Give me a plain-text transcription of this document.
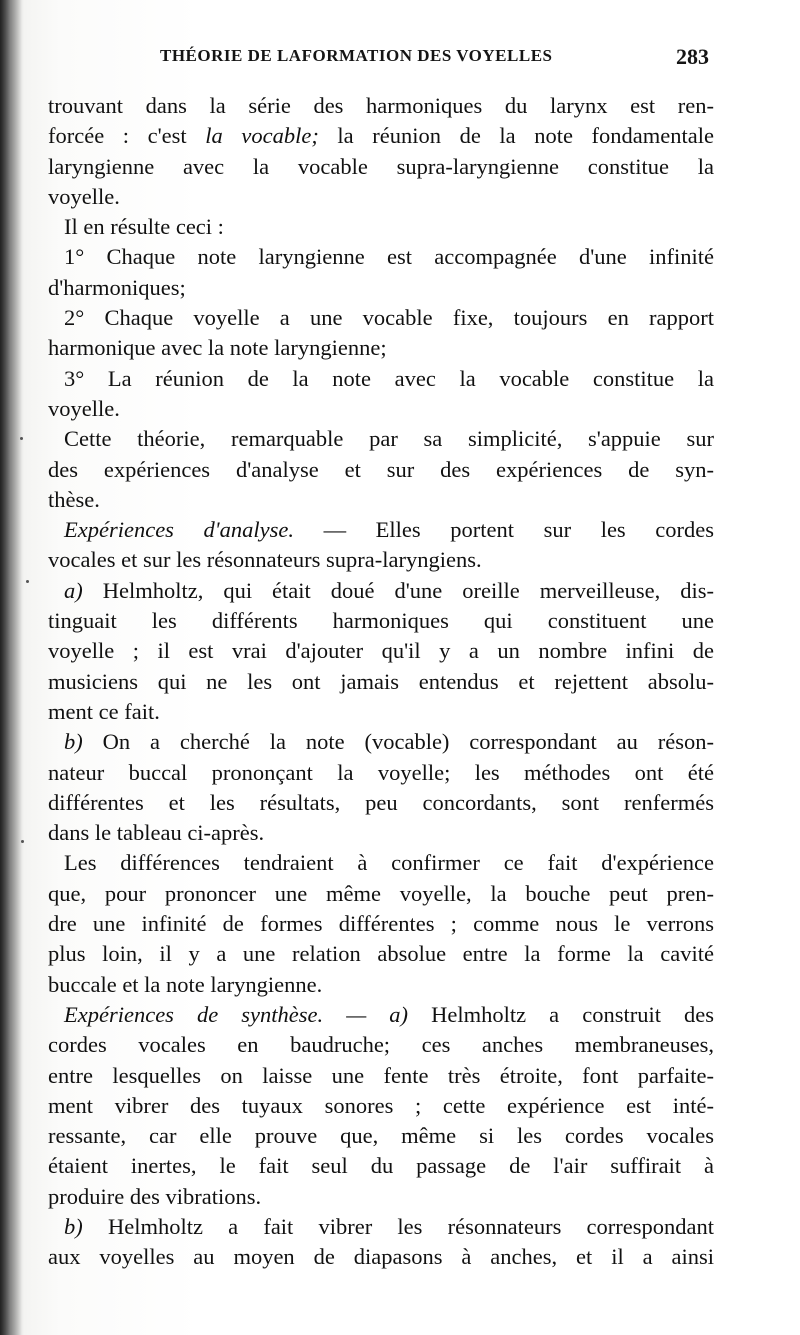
THÉORIE DE LAFORMATION DES VOYELLES	283
trouvant dans la série des harmoniques du larynx est ren-
forcée : c'est la vocable; la réunion de la note fondamentale
laryngienne avec la vocable supra-laryngienne constitue la
voyelle.
Il en résulte ceci :
1° Chaque note laryngienne est accompagnée d'une infinité
d'harmoniques;
2° Chaque voyelle a une vocable fixe, toujours en rapport
harmonique avec la note laryngienne;
3° La réunion de la note avec la vocable constitue la
voyelle.
Cette théorie, remarquable par sa simplicité, s'appuie sur
des expériences d'analyse et sur des expériences de syn-
thèse.
Expériences d'analyse. — Elles portent sur les cordes
vocales et sur les résonnateurs supra-laryngiens.
a) Helmholtz, qui était doué d'une oreille merveilleuse, dis-
tinguait les différents harmoniques qui constituent une
voyelle ; il est vrai d'ajouter qu'il y a un nombre infini de
musiciens qui ne les ont jamais entendus et rejettent absolu-
ment ce fait.
b) On a cherché la note (vocable) correspondant au réson-
nateur buccal prononçant la voyelle; les méthodes ont été
différentes et les résultats, peu concordants, sont renfermés
dans le tableau ci-après.
Les différences tendraient à confirmer ce fait d'expérience
que, pour prononcer une même voyelle, la bouche peut pren-
dre une infinité de formes différentes ; comme nous le verrons
plus loin, il y a une relation absolue entre la forme la cavité
buccale et la note laryngienne.
Expériences de synthèse. — a) Helmholtz a construit des
cordes vocales en baudruche; ces anches membraneuses,
entre lesquelles on laisse une fente très étroite, font parfaite-
ment vibrer des tuyaux sonores ; cette expérience est inté-
ressante, car elle prouve que, même si les cordes vocales
étaient inertes, le fait seul du passage de l'air suffirait à
produire des vibrations.
b) Helmholtz a fait vibrer les résonnateurs correspondant
aux voyelles au moyen de diapasons à anches, et il a ainsi
